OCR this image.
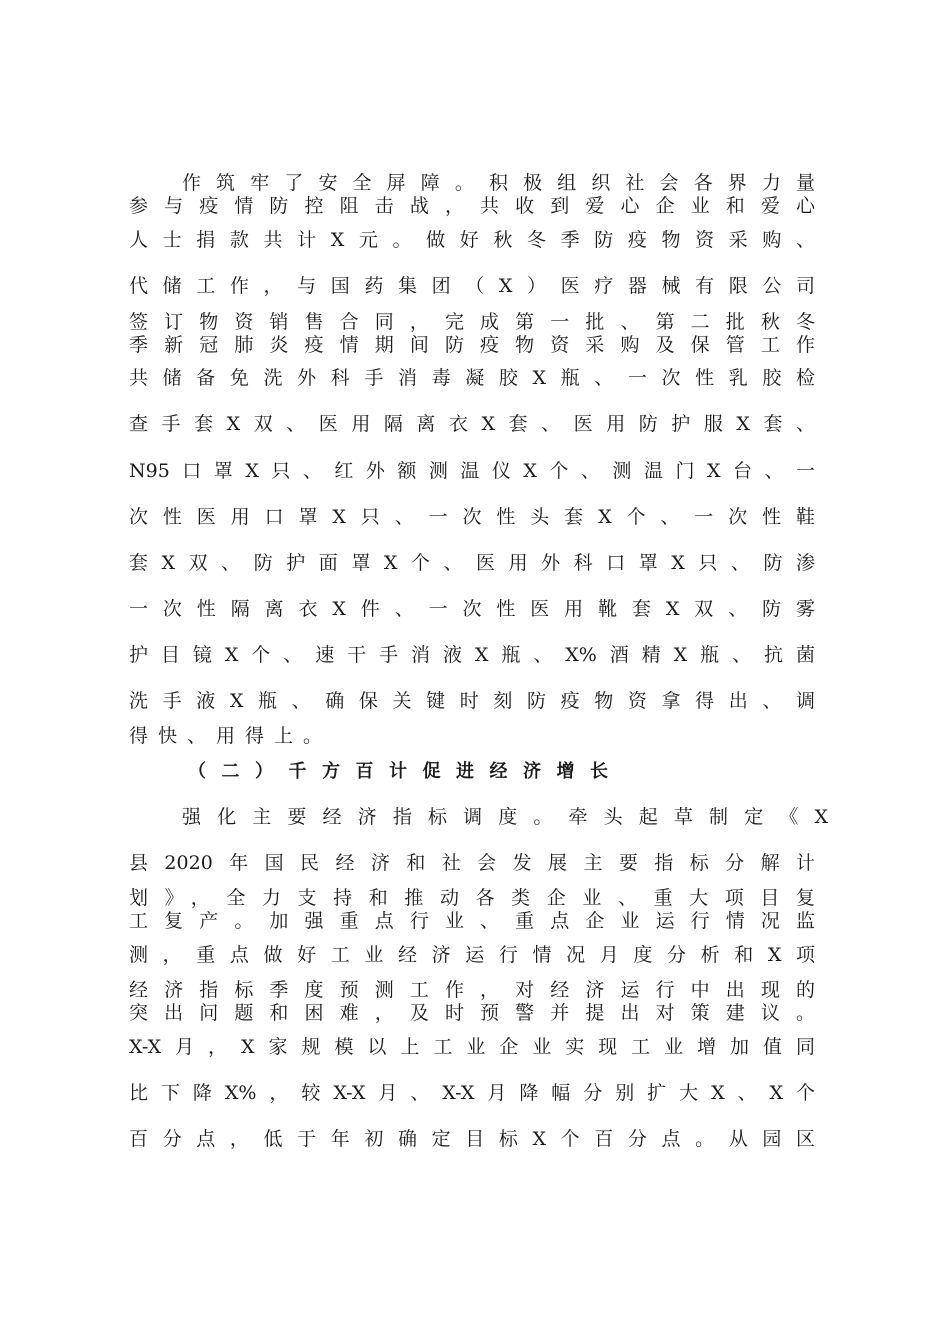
作筑牢了安全屏障。积极组织社会各界力量
参与疫情防控阻击战，共收到爱心企业和爱心
人士捐款共计X元。做好秋冬季防疫物资采购、
代储工作，与国药集团（X）医疗器械有限公司
签订物资销售合同，完成第一批、第二批秋冬
季新冠肺炎疫情期间防疫物资采购及保管工作
共储备免洗外科手消毒凝胶X瓶、一次性乳胶检
查手套X双、医用隔离衣X套、医用防护服X套、
N95口罩X只、红外额测温仪X个、测温门X台、一
次性医用口罩X只、一次性头套X个、一次性鞋
套X双、防护面罩X个、医用外科口罩X只、防渗
一次性隔离衣X件、一次性医用靴套X双、防雾
护目镜X个、速干手消液X瓶、X%酒精X瓶、抗菌
洗手液X瓶、确保关键时刻防疫物资拿得出、调
得快、用得上。
（二）千方百计促进经济增长
强化主要经济指标调度。牵头起草制定《X
县2020年国民经济和社会发展主要指标分解计
划》，全力支持和推动各类企业、重大项目复
工复产。加强重点行业、重点企业运行情况监
测，重点做好工业经济运行情况月度分析和X项
经济指标季度预测工作，对经济运行中出现的
突出问题和困难，及时预警并提出对策建议。
X-X月，X家规模以上工业企业实现工业增加值同
比下降X%，较X-X月、X-X月降幅分别扩大X、X个
百分点，低于年初确定目标X个百分点。从园区
